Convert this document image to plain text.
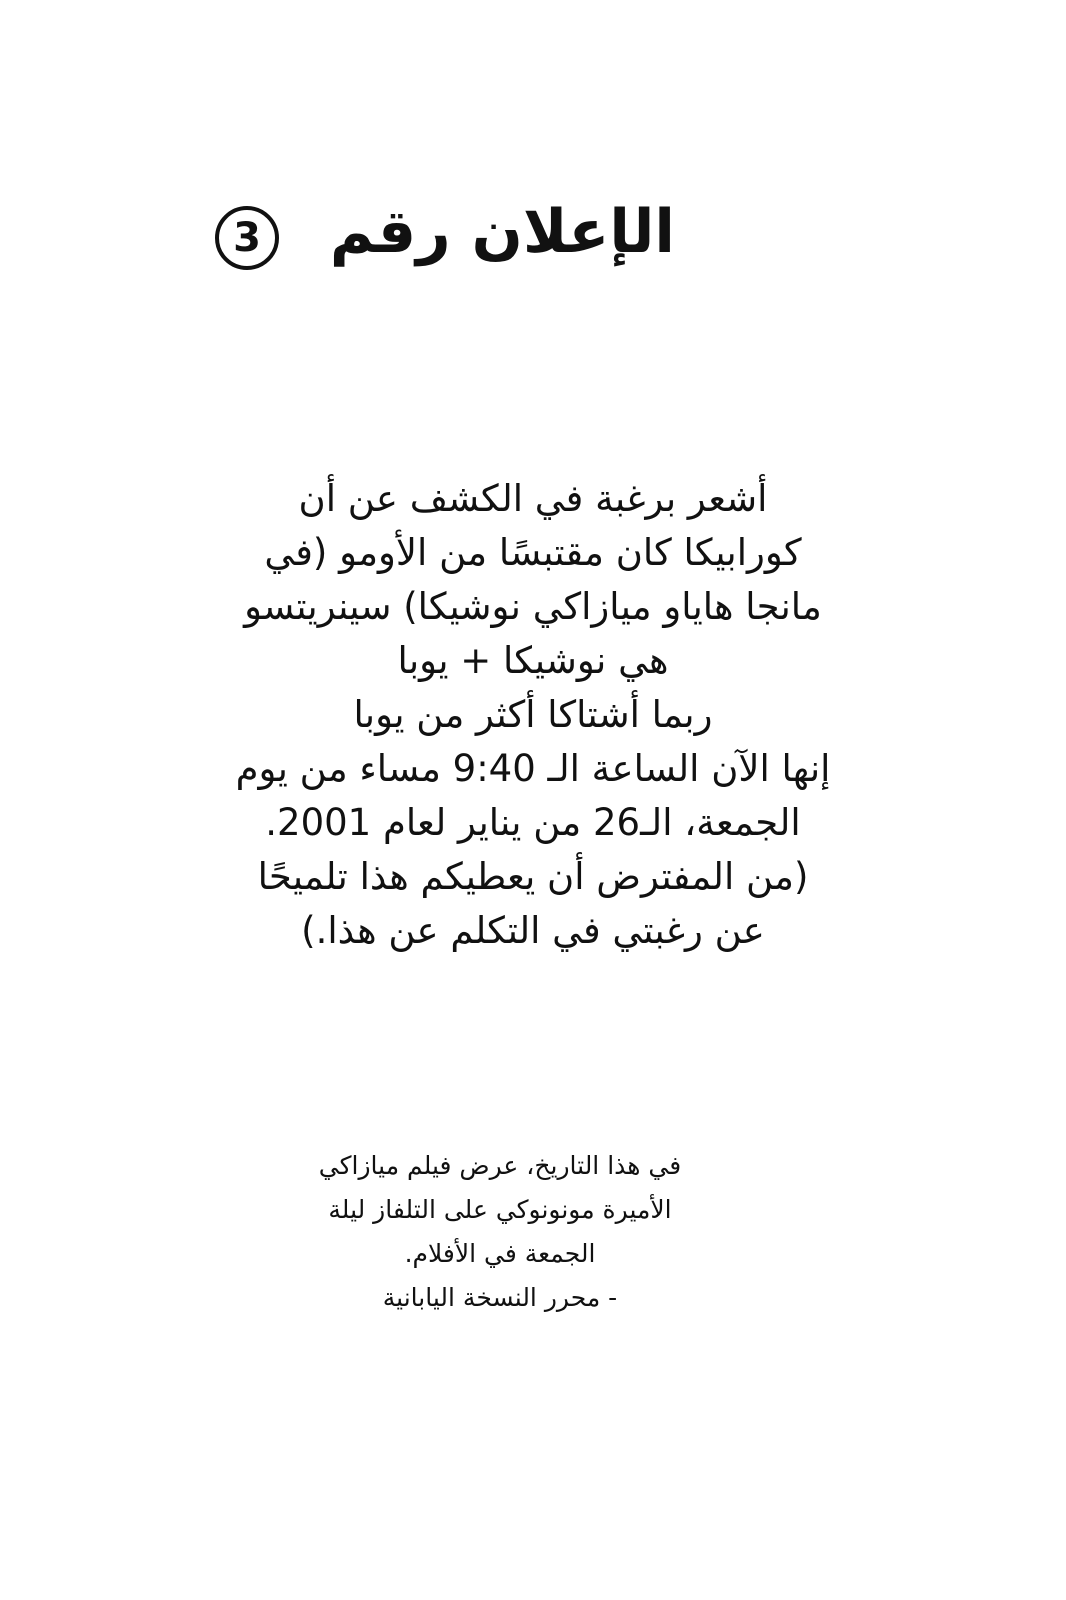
الإعلان رقم
3
أشعر برغبة في الكشف عن أن
كورابيكا كان مقتبسًا من الأومو (في
مانجا هاياو ميازاكي نوشيكا) سينريتسو
هي نوشيكا + يوبا
ربما أشتاكا أكثر من يوبا
إنها الآن الساعة الـ 9:40 مساء من يوم
الجمعة، الـ26 من يناير لعام 2001.
(من المفترض أن يعطيكم هذا تلميحًا
عن رغبتي في التكلم عن هذا.)
في هذا التاريخ، عرض فيلم ميازاكي
الأميرة مونونوكي على التلفاز ليلة
الجمعة في الأفلام.
- محرر النسخة اليابانية
